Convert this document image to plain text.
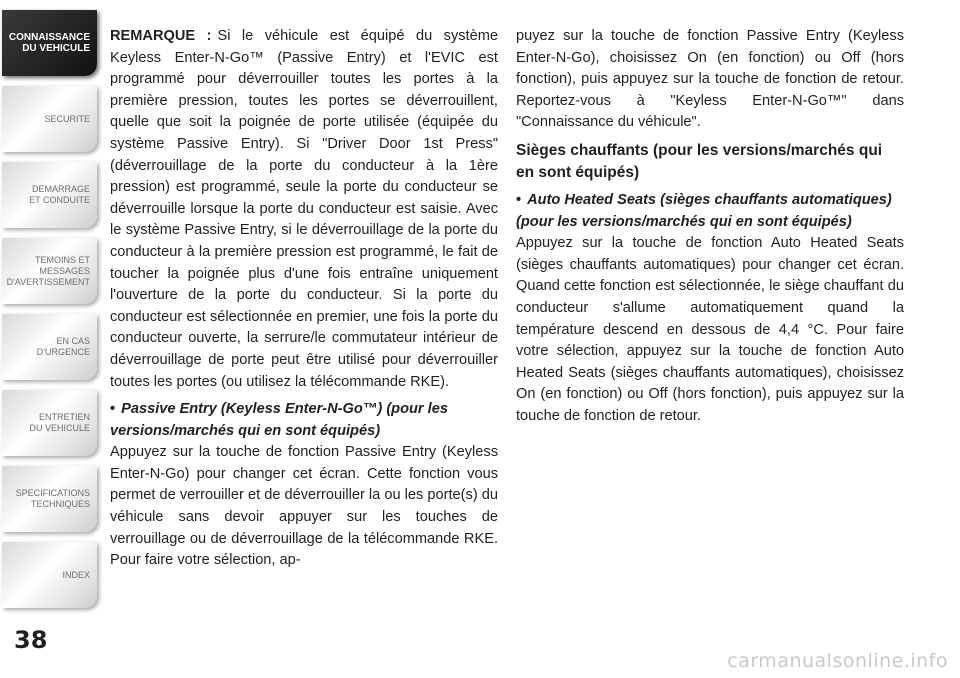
CONNAISSANCE
DU VEHICULE
SECURITE
DEMARRAGE
ET CONDUITE
TEMOINS ET
MESSAGES
D'AVERTISSEMENT
EN CAS
D'URGENCE
ENTRETIEN
DU VEHICULE
SPECIFICATIONS
TECHNIQUES
INDEX
38

REMARQUE : Si le véhicule est équipé du système Keyless Enter-N-Go™ (Passive Entry) et l'EVIC est programmé pour déverrouiller toutes les portes à la première pression, toutes les portes se déverrouillent, quelle que soit la poignée de porte utilisée (équipée du système Passive Entry). Si "Driver Door 1st Press" (déverrouillage de la porte du conducteur à la 1ère pression) est programmé, seule la porte du conducteur se déverrouille lorsque la porte du conducteur est saisie. Avec le système Passive Entry, si le déverrouillage de la porte du conducteur à la première pression est programmé, le fait de toucher la poignée plus d'une fois entraîne uniquement l'ouverture de la porte du conducteur. Si la porte du conducteur est sélectionnée en premier, une fois la porte du conducteur ouverte, la serrure/le commutateur intérieur de déverrouillage de porte peut être utilisé pour déverrouiller toutes les portes (ou utilisez la télécommande RKE).

• Passive Entry (Keyless Enter-N-Go™) (pour les versions/marchés qui en sont équipés)

Appuyez sur la touche de fonction Passive Entry (Keyless Enter-N-Go) pour changer cet écran. Cette fonction vous permet de verrouiller et de déverrouiller la ou les porte(s) du véhicule sans devoir appuyer sur les touches de verrouillage ou de déverrouillage de la télécommande RKE. Pour faire votre sélection, ap-

puyez sur la touche de fonction Passive Entry (Keyless Enter-N-Go), choisissez On (en fonction) ou Off (hors fonction), puis appuyez sur la touche de fonction de retour. Reportez-vous à "Keyless Enter-N-Go™" dans "Connaissance du véhicule".

Sièges chauffants (pour les versions/marchés qui en sont équipés)
• Auto Heated Seats (sièges chauffants automatiques) (pour les versions/marchés qui en sont équipés)

Appuyez sur la touche de fonction Auto Heated Seats (sièges chauffants automatiques) pour changer cet écran. Quand cette fonction est sélectionnée, le siège chauffant du conducteur s'allume automatiquement quand la température descend en dessous de 4,4 °C. Pour faire votre sélection, appuyez sur la touche de fonction Auto Heated Seats (sièges chauffants automatiques), choisissez On (en fonction) ou Off (hors fonction), puis appuyez sur la touche de fonction de retour.

carmanualsonline.info
